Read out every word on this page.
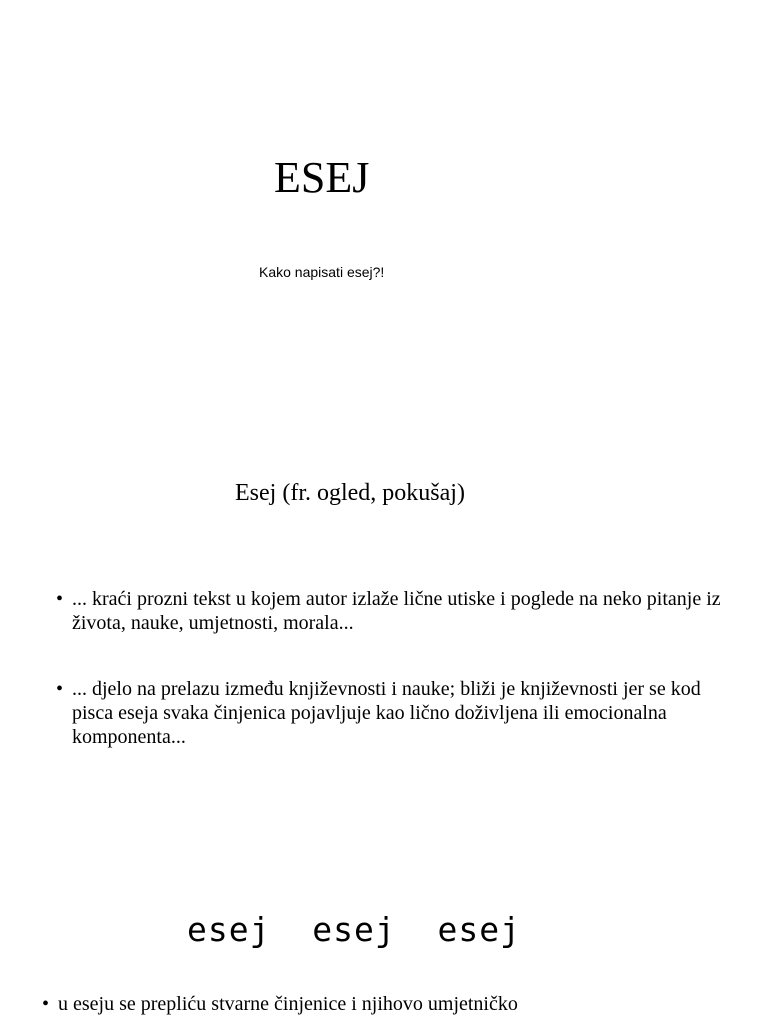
ESEJ

Kako napisati esej?!

Esej (fr. ogled, pokušaj)

• ... kraći prozni tekst u kojem autor izlaže lične utiske i poglede na neko pitanje iz života, nauke, umjetnosti, morala...

• ... djelo na prelazu između književnosti i nauke; bliži je književnosti jer se kod pisca eseja svaka činjenica pojavljuje kao lično doživljena ili emocionalna komponenta...

esej  esej  esej

• u eseju se prepliću stvarne činjenice i njihovo umjetničko
